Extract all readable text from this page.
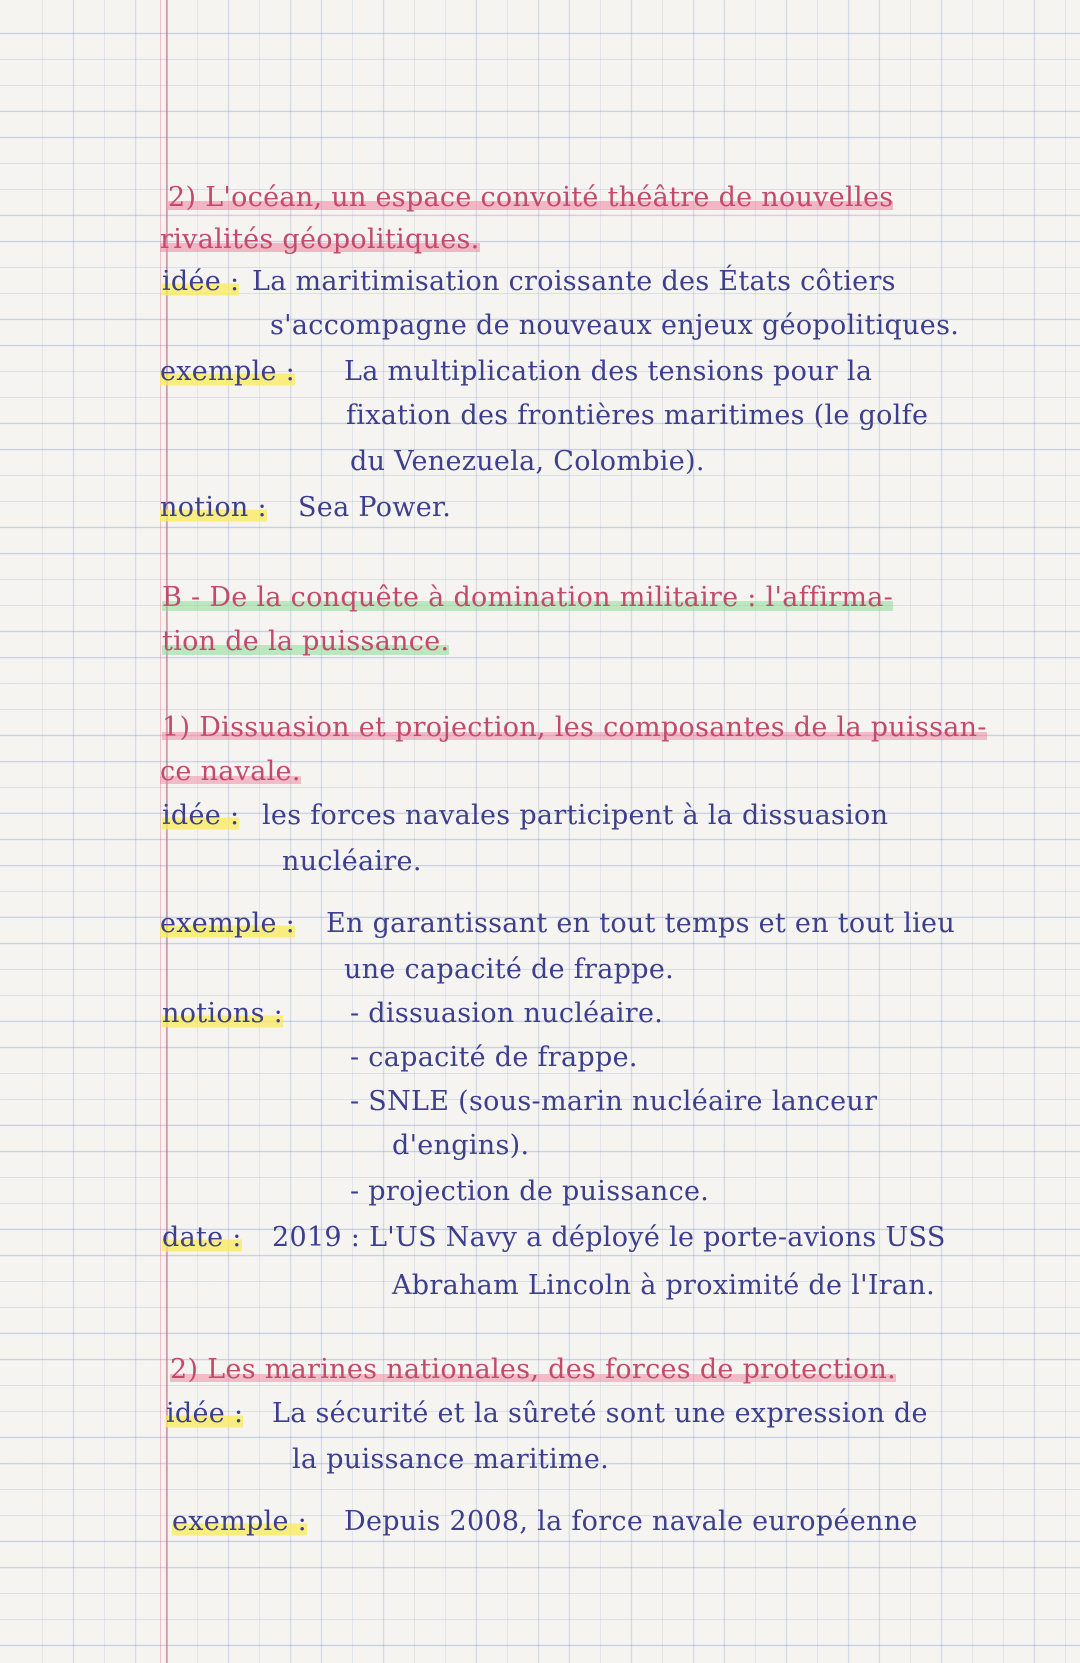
2) L'océan, un espace convoité théâtre de nouvelles
rivalités géopolitiques.
idée : La maritimisation croissante des États côtiers
s'accompagne de nouveaux enjeux géopolitiques.
exemple : La multiplication des tensions pour la
fixation des frontières maritimes (le golfe
du Venezuela, Colombie).
notion : Sea Power.
B - De la conquête à domination militaire : l'affirma-
tion de la puissance.
1) Dissuasion et projection, les composantes de la puissan-
ce navale.
idée : les forces navales participent à la dissuasion
nucléaire.
exemple : En garantissant en tout temps et en tout lieu
une capacité de frappe.
notions : - dissuasion nucléaire.
- capacité de frappe.
- SNLE (sous-marin nucléaire lanceur
d'engins).
- projection de puissance.
date : 2019 : L'US Navy a déployé le porte-avions USS
Abraham Lincoln à proximité de l'Iran.
2) Les marines nationales, des forces de protection.
idée : La sécurité et la sûreté sont une expression de
la puissance maritime.
exemple : Depuis 2008, la force navale européenne
